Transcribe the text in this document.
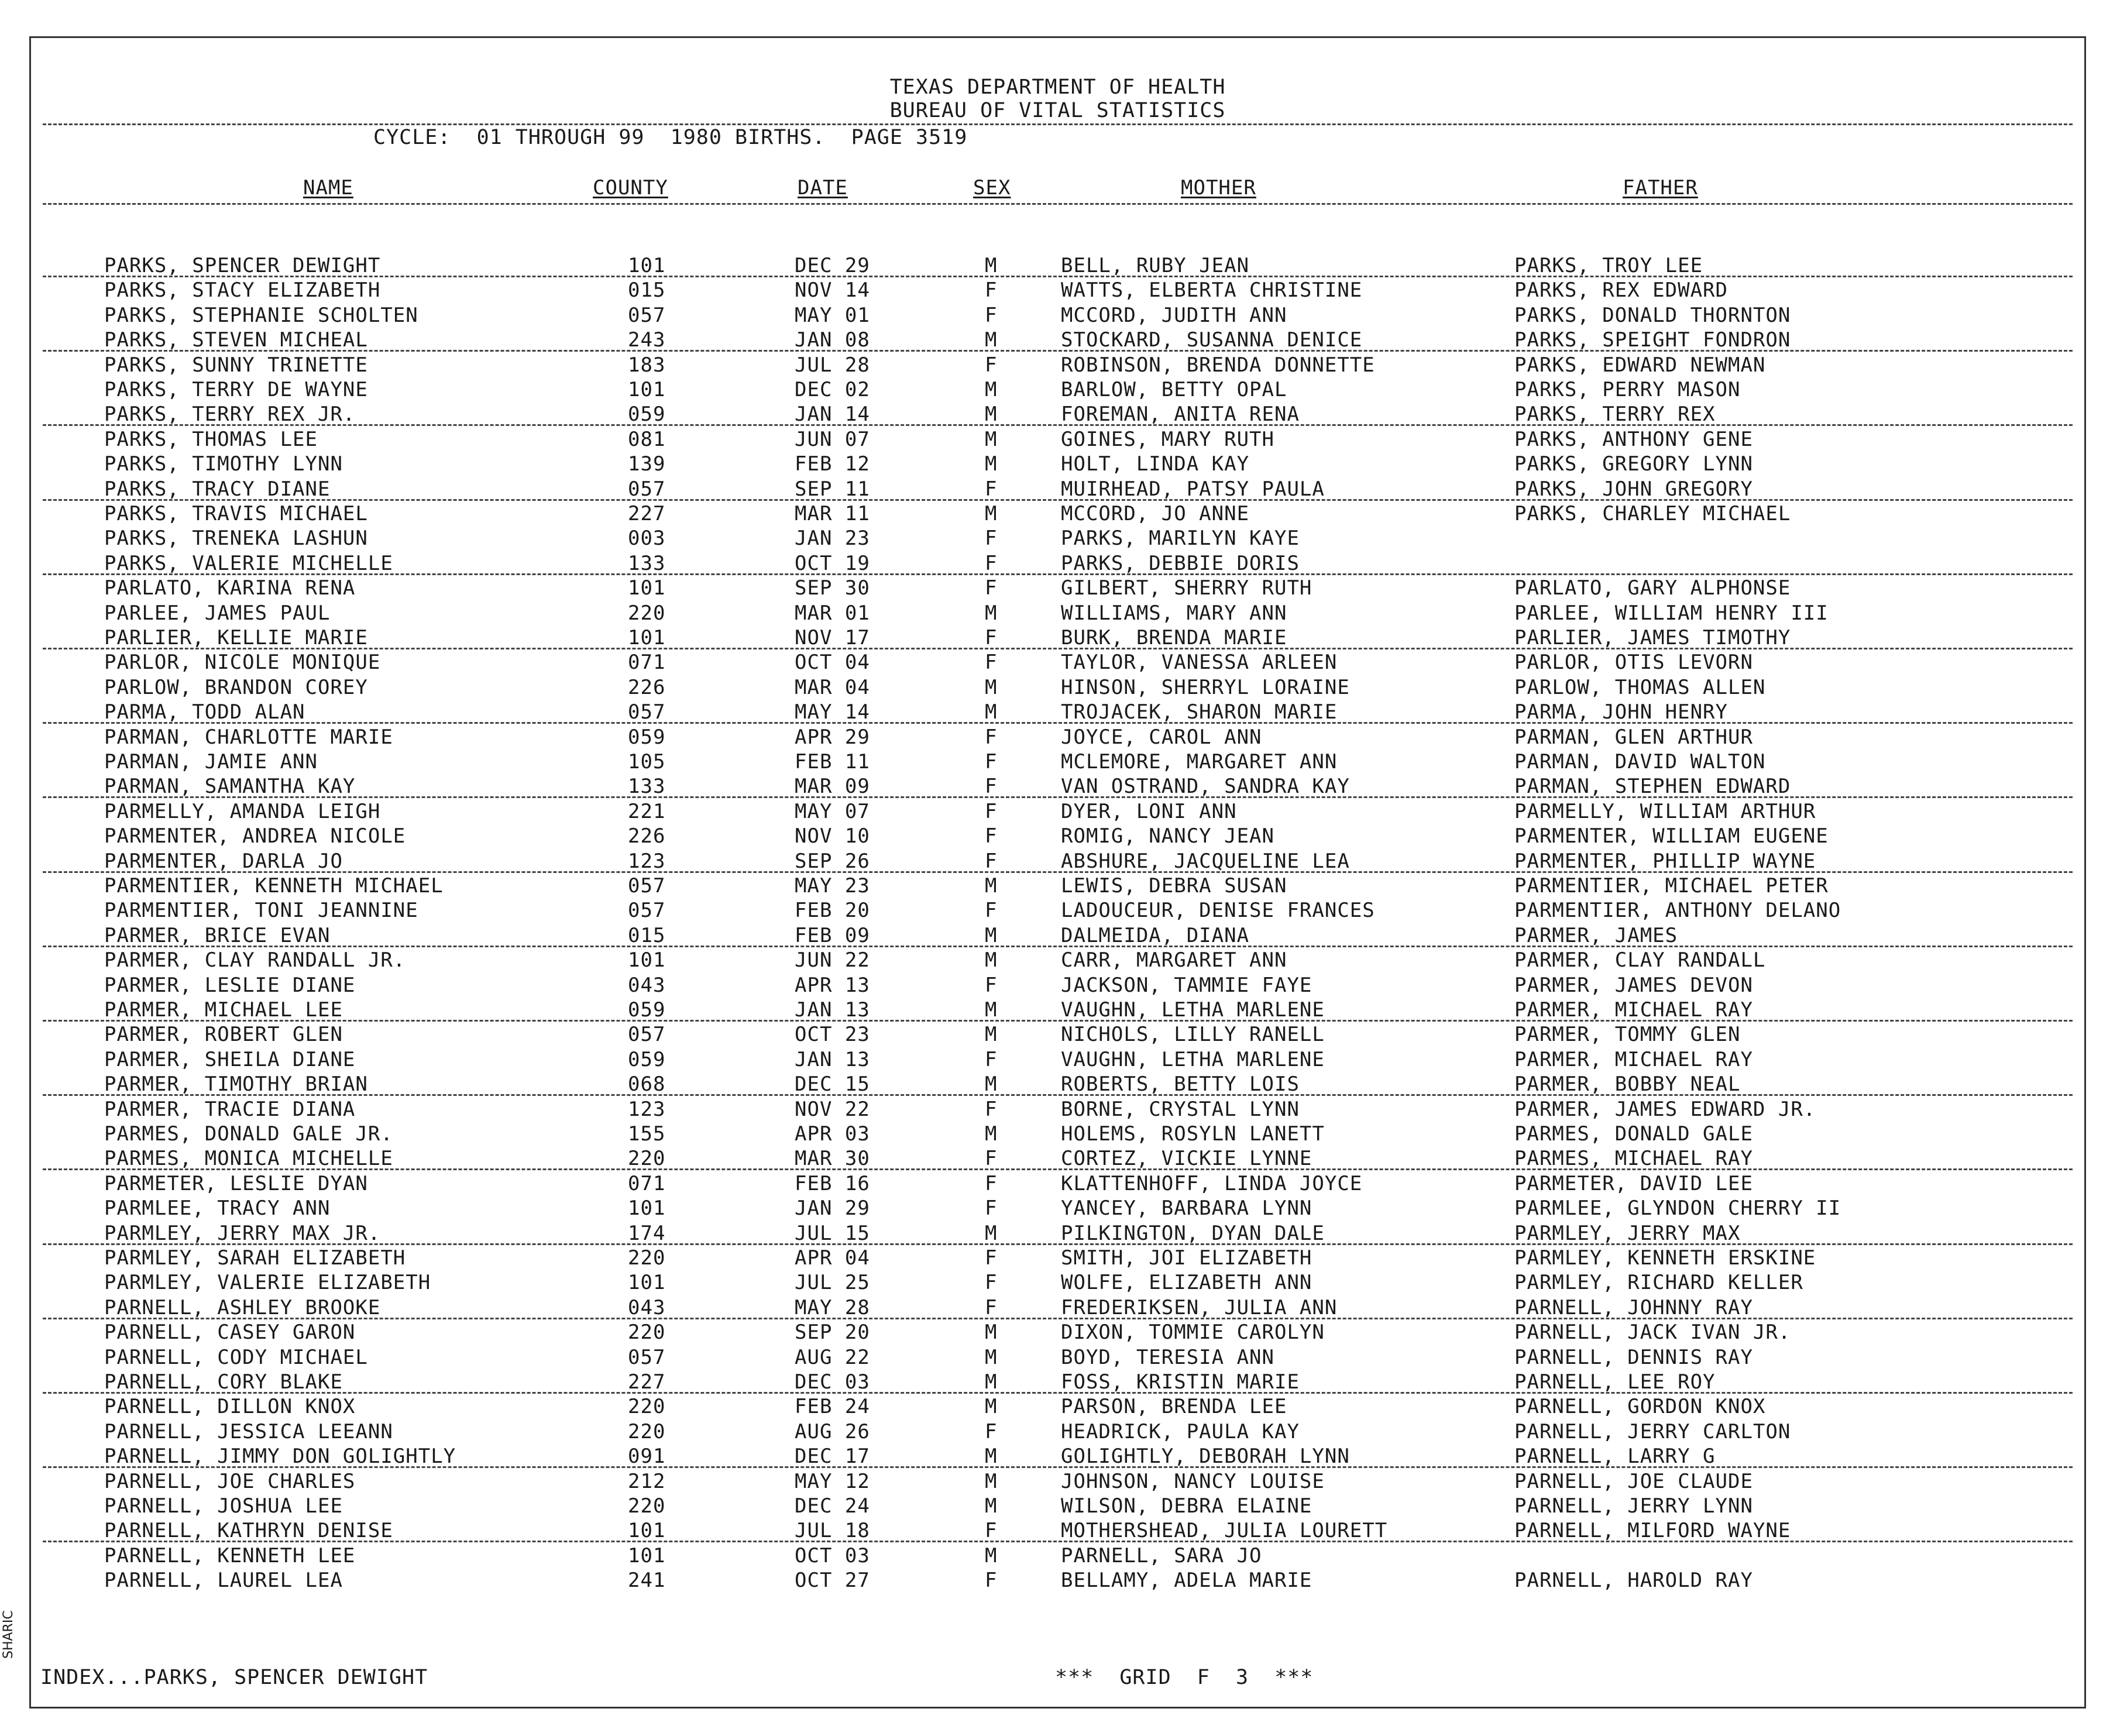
TEXAS DEPARTMENT OF HEALTH
BUREAU OF VITAL STATISTICS
CYCLE:  01 THROUGH 99  1980 BIRTHS.  PAGE 3519
NAME	COUNTY	DATE	SEX	MOTHER	FATHER
PARKS, SPENCER DEWIGHT	101	DEC 29	M	BELL, RUBY JEAN	PARKS, TROY LEE
PARKS, STACY ELIZABETH	015	NOV 14	F	WATTS, ELBERTA CHRISTINE	PARKS, REX EDWARD
PARKS, STEPHANIE SCHOLTEN	057	MAY 01	F	MCCORD, JUDITH ANN	PARKS, DONALD THORNTON
PARKS, STEVEN MICHEAL	243	JAN 08	M	STOCKARD, SUSANNA DENICE	PARKS, SPEIGHT FONDRON
PARKS, SUNNY TRINETTE	183	JUL 28	F	ROBINSON, BRENDA DONNETTE	PARKS, EDWARD NEWMAN
PARKS, TERRY DE WAYNE	101	DEC 02	M	BARLOW, BETTY OPAL	PARKS, PERRY MASON
PARKS, TERRY REX JR.	059	JAN 14	M	FOREMAN, ANITA RENA	PARKS, TERRY REX
PARKS, THOMAS LEE	081	JUN 07	M	GOINES, MARY RUTH	PARKS, ANTHONY GENE
PARKS, TIMOTHY LYNN	139	FEB 12	M	HOLT, LINDA KAY	PARKS, GREGORY LYNN
PARKS, TRACY DIANE	057	SEP 11	F	MUIRHEAD, PATSY PAULA	PARKS, JOHN GREGORY
PARKS, TRAVIS MICHAEL	227	MAR 11	M	MCCORD, JO ANNE	PARKS, CHARLEY MICHAEL
PARKS, TRENEKA LASHUN	003	JAN 23	F	PARKS, MARILYN KAYE
PARKS, VALERIE MICHELLE	133	OCT 19	F	PARKS, DEBBIE DORIS
PARLATO, KARINA RENA	101	SEP 30	F	GILBERT, SHERRY RUTH	PARLATO, GARY ALPHONSE
PARLEE, JAMES PAUL	220	MAR 01	M	WILLIAMS, MARY ANN	PARLEE, WILLIAM HENRY III
PARLIER, KELLIE MARIE	101	NOV 17	F	BURK, BRENDA MARIE	PARLIER, JAMES TIMOTHY
PARLOR, NICOLE MONIQUE	071	OCT 04	F	TAYLOR, VANESSA ARLEEN	PARLOR, OTIS LEVORN
PARLOW, BRANDON COREY	226	MAR 04	M	HINSON, SHERRYL LORAINE	PARLOW, THOMAS ALLEN
PARMA, TODD ALAN	057	MAY 14	M	TROJACEK, SHARON MARIE	PARMA, JOHN HENRY
PARMAN, CHARLOTTE MARIE	059	APR 29	F	JOYCE, CAROL ANN	PARMAN, GLEN ARTHUR
PARMAN, JAMIE ANN	105	FEB 11	F	MCLEMORE, MARGARET ANN	PARMAN, DAVID WALTON
PARMAN, SAMANTHA KAY	133	MAR 09	F	VAN OSTRAND, SANDRA KAY	PARMAN, STEPHEN EDWARD
PARMELLY, AMANDA LEIGH	221	MAY 07	F	DYER, LONI ANN	PARMELLY, WILLIAM ARTHUR
PARMENTER, ANDREA NICOLE	226	NOV 10	F	ROMIG, NANCY JEAN	PARMENTER, WILLIAM EUGENE
PARMENTER, DARLA JO	123	SEP 26	F	ABSHURE, JACQUELINE LEA	PARMENTER, PHILLIP WAYNE
PARMENTIER, KENNETH MICHAEL	057	MAY 23	M	LEWIS, DEBRA SUSAN	PARMENTIER, MICHAEL PETER
PARMENTIER, TONI JEANNINE	057	FEB 20	F	LADOUCEUR, DENISE FRANCES	PARMENTIER, ANTHONY DELANO
PARMER, BRICE EVAN	015	FEB 09	M	DALMEIDA, DIANA	PARMER, JAMES
PARMER, CLAY RANDALL JR.	101	JUN 22	M	CARR, MARGARET ANN	PARMER, CLAY RANDALL
PARMER, LESLIE DIANE	043	APR 13	F	JACKSON, TAMMIE FAYE	PARMER, JAMES DEVON
PARMER, MICHAEL LEE	059	JAN 13	M	VAUGHN, LETHA MARLENE	PARMER, MICHAEL RAY
PARMER, ROBERT GLEN	057	OCT 23	M	NICHOLS, LILLY RANELL	PARMER, TOMMY GLEN
PARMER, SHEILA DIANE	059	JAN 13	F	VAUGHN, LETHA MARLENE	PARMER, MICHAEL RAY
PARMER, TIMOTHY BRIAN	068	DEC 15	M	ROBERTS, BETTY LOIS	PARMER, BOBBY NEAL
PARMER, TRACIE DIANA	123	NOV 22	F	BORNE, CRYSTAL LYNN	PARMER, JAMES EDWARD JR.
PARMES, DONALD GALE JR.	155	APR 03	M	HOLEMS, ROSYLN LANETT	PARMES, DONALD GALE
PARMES, MONICA MICHELLE	220	MAR 30	F	CORTEZ, VICKIE LYNNE	PARMES, MICHAEL RAY
PARMETER, LESLIE DYAN	071	FEB 16	F	KLATTENHOFF, LINDA JOYCE	PARMETER, DAVID LEE
PARMLEE, TRACY ANN	101	JAN 29	F	YANCEY, BARBARA LYNN	PARMLEE, GLYNDON CHERRY II
PARMLEY, JERRY MAX JR.	174	JUL 15	M	PILKINGTON, DYAN DALE	PARMLEY, JERRY MAX
PARMLEY, SARAH ELIZABETH	220	APR 04	F	SMITH, JOI ELIZABETH	PARMLEY, KENNETH ERSKINE
PARMLEY, VALERIE ELIZABETH	101	JUL 25	F	WOLFE, ELIZABETH ANN	PARMLEY, RICHARD KELLER
PARNELL, ASHLEY BROOKE	043	MAY 28	F	FREDERIKSEN, JULIA ANN	PARNELL, JOHNNY RAY
PARNELL, CASEY GARON	220	SEP 20	M	DIXON, TOMMIE CAROLYN	PARNELL, JACK IVAN JR.
PARNELL, CODY MICHAEL	057	AUG 22	M	BOYD, TERESIA ANN	PARNELL, DENNIS RAY
PARNELL, CORY BLAKE	227	DEC 03	M	FOSS, KRISTIN MARIE	PARNELL, LEE ROY
PARNELL, DILLON KNOX	220	FEB 24	M	PARSON, BRENDA LEE	PARNELL, GORDON KNOX
PARNELL, JESSICA LEEANN	220	AUG 26	F	HEADRICK, PAULA KAY	PARNELL, JERRY CARLTON
PARNELL, JIMMY DON GOLIGHTLY	091	DEC 17	M	GOLIGHTLY, DEBORAH LYNN	PARNELL, LARRY G
PARNELL, JOE CHARLES	212	MAY 12	M	JOHNSON, NANCY LOUISE	PARNELL, JOE CLAUDE
PARNELL, JOSHUA LEE	220	DEC 24	M	WILSON, DEBRA ELAINE	PARNELL, JERRY LYNN
PARNELL, KATHRYN DENISE	101	JUL 18	F	MOTHERSHEAD, JULIA LOURETT	PARNELL, MILFORD WAYNE
PARNELL, KENNETH LEE	101	OCT 03	M	PARNELL, SARA JO
PARNELL, LAUREL LEA	241	OCT 27	F	BELLAMY, ADELA MARIE	PARNELL, HAROLD RAY
INDEX...PARKS, SPENCER DEWIGHT	***  GRID  F  3  ***
SHARIC
